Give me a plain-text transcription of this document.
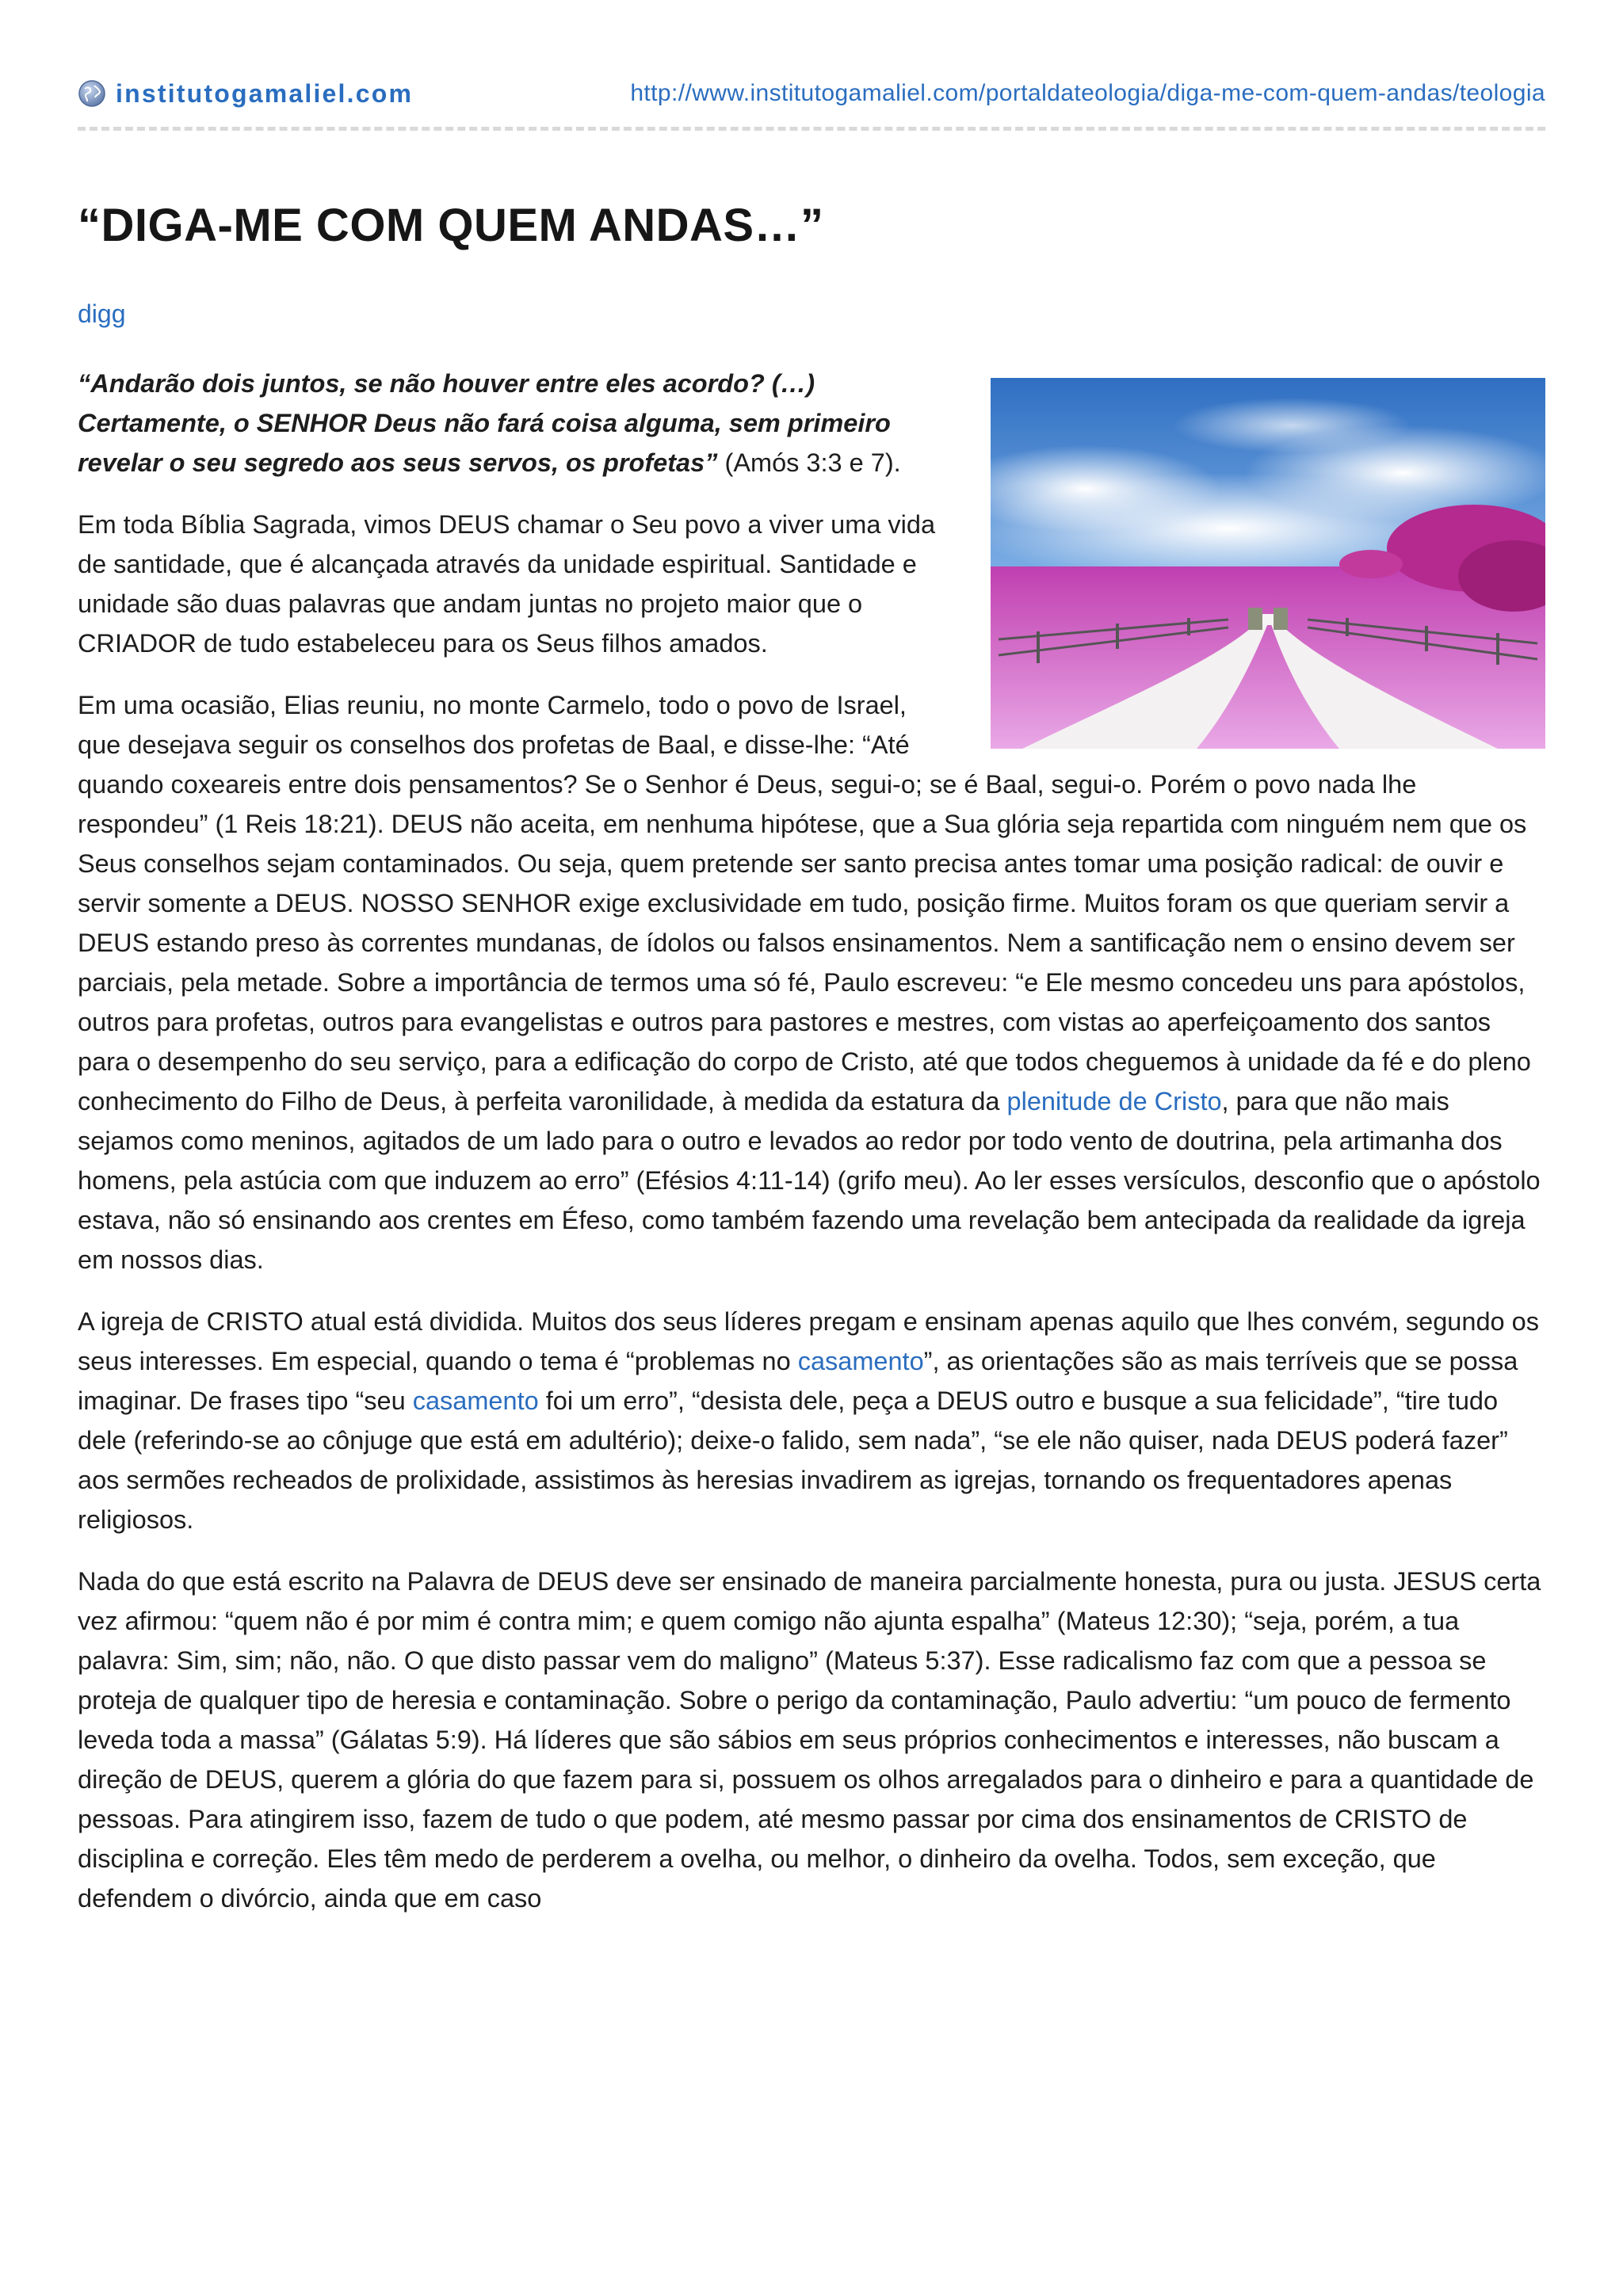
institutogamaliel.com	http://www.institutogamaliel.com/portaldateologia/diga-me-com-quem-andas/teologia
“DIGA-ME COM QUEM ANDAS…”
digg

“Andarão dois juntos, se não houver entre eles acordo? (…) Certamente, o SENHOR Deus não fará coisa alguma, sem primeiro revelar o seu segredo aos seus servos, os profetas” (Amós 3:3 e 7).

Em toda Bíblia Sagrada, vimos DEUS chamar o Seu povo a viver uma vida de santidade, que é alcançada através da unidade espiritual. Santidade e unidade são duas palavras que andam juntas no projeto maior que o CRIADOR de tudo estabeleceu para os Seus filhos amados.

Em uma ocasião, Elias reuniu, no monte Carmelo, todo o povo de Israel, que desejava seguir os conselhos dos profetas de Baal, e disse-lhe: “Até quando coxeareis entre dois pensamentos? Se o Senhor é Deus, segui-o; se é Baal, segui-o. Porém o povo nada lhe respondeu” (1 Reis 18:21). DEUS não aceita, em nenhuma hipótese, que a Sua glória seja repartida com ninguém nem que os Seus conselhos sejam contaminados. Ou seja, quem pretende ser santo precisa antes tomar uma posição radical: de ouvir e servir somente a DEUS. NOSSO SENHOR exige exclusividade em tudo, posição firme. Muitos foram os que queriam servir a DEUS estando preso às correntes mundanas, de ídolos ou falsos ensinamentos. Nem a santificação nem o ensino devem ser parciais, pela metade. Sobre a importância de termos uma só fé, Paulo escreveu: “e Ele mesmo concedeu uns para apóstolos, outros para profetas, outros para evangelistas e outros para pastores e mestres, com vistas ao aperfeiçoamento dos santos para o desempenho do seu serviço, para a edificação do corpo de Cristo, até que todos cheguemos à unidade da fé e do pleno conhecimento do Filho de Deus, à perfeita varonilidade, à medida da estatura da plenitude de Cristo, para que não mais sejamos como meninos, agitados de um lado para o outro e levados ao redor por todo vento de doutrina, pela artimanha dos homens, pela astúcia com que induzem ao erro” (Efésios 4:11-14) (grifo meu). Ao ler esses versículos, desconfio que o apóstolo estava, não só ensinando aos crentes em Éfeso, como também fazendo uma revelação bem antecipada da realidade da igreja em nossos dias.

A igreja de CRISTO atual está dividida. Muitos dos seus líderes pregam e ensinam apenas aquilo que lhes convém, segundo os seus interesses. Em especial, quando o tema é “problemas no casamento”, as orientações são as mais terríveis que se possa imaginar. De frases tipo “seu casamento foi um erro”, “desista dele, peça a DEUS outro e busque a sua felicidade”, “tire tudo dele (referindo-se ao cônjuge que está em adultério); deixe-o falido, sem nada”, “se ele não quiser, nada DEUS poderá fazer” aos sermões recheados de prolixidade, assistimos às heresias invadirem as igrejas, tornando os frequentadores apenas religiosos.

Nada do que está escrito na Palavra de DEUS deve ser ensinado de maneira parcialmente honesta, pura ou justa. JESUS certa vez afirmou: “quem não é por mim é contra mim; e quem comigo não ajunta espalha” (Mateus 12:30); “seja, porém, a tua palavra: Sim, sim; não, não. O que disto passar vem do maligno” (Mateus 5:37). Esse radicalismo faz com que a pessoa se proteja de qualquer tipo de heresia e contaminação. Sobre o perigo da contaminação, Paulo advertiu: “um pouco de fermento leveda toda a massa” (Gálatas 5:9). Há líderes que são sábios em seus próprios conhecimentos e interesses, não buscam a direção de DEUS, querem a glória do que fazem para si, possuem os olhos arregalados para o dinheiro e para a quantidade de pessoas. Para atingirem isso, fazem de tudo o que podem, até mesmo passar por cima dos ensinamentos de CRISTO de disciplina e correção. Eles têm medo de perderem a ovelha, ou melhor, o dinheiro da ovelha. Todos, sem exceção, que defendem o divórcio, ainda que em caso
